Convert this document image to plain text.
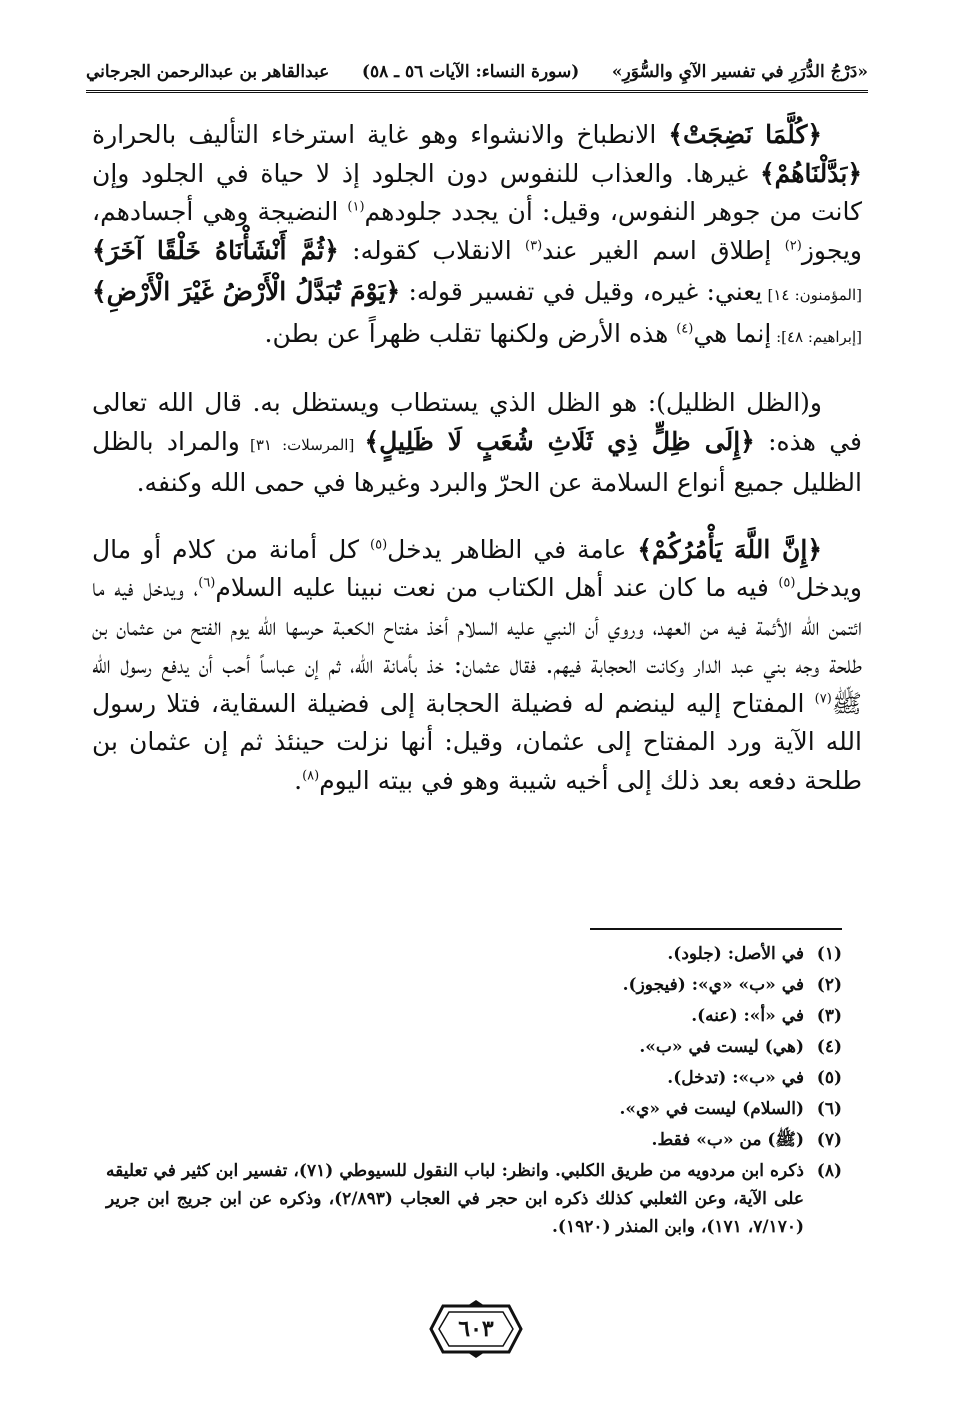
«دَرْجُ الدُّرَرِ في تفسير الآيِ والسُّوَرِ»
(سورة النساء: الآيات ٥٦ ـ ٥٨)
عبدالقاهر بن عبدالرحمن الجرجاني

﴿كُلَّمَا نَضِجَتْ﴾ الانطباخ والانشواء وهو غاية استرخاء التأليف بالحرارة ﴿بَدَّلْنَاهُمْ﴾ غيرها. والعذاب للنفوس دون الجلود إذ لا حياة في الجلود وإن كانت من جوهر النفوس، وقيل: أن يجدد جلودهم$^{(١)}$ النضيجة وهي أجسادهم، ويجوز$^{(٢)}$ إطلاق اسم الغير عند$^{(٣)}$ الانقلاب كقوله: ﴿ثُمَّ أَنْشَأْنَاهُ خَلْقًا آخَرَ﴾ [المؤمنون: ١٤] يعني: غيره، وقيل في تفسير قوله: ﴿يَوْمَ تُبَدَّلُ الْأَرْضُ غَيْرَ الْأَرْضِ﴾ [إبراهيم: ٤٨]: إنما هي$^{(٤)}$ هذه الأرض ولكنها تقلب ظهراً عن بطن.

و(الظل الظليل): هو الظل الذي يستطاب ويستظل به. قال الله تعالى في هذه: ﴿إِلَى ظِلٍّ ذِي ثَلَاثِ شُعَبٍ لَا ظَلِيلٍ﴾ [المرسلات: ٣١] والمراد بالظل الظليل جميع أنواع السلامة عن الحرّ والبرد وغيرها في حمى الله وكنفه.

﴿إِنَّ اللَّهَ يَأْمُرُكُمْ﴾ عامة في الظاهر يدخل$^{(٥)}$ كل أمانة من كلام أو مال ويدخل$^{(٥)}$ فيه ما كان عند أهل الكتاب من نعت نبينا عليه السلام$^{(٦)}$، ويدخل فيه ما ائتمن الله الأئمة فيه من العهد، وروي أن النبي عليه السلام أخذ مفتاح الكعبة حرسها الله يوم الفتح من عثمان بن طلحة وجه بني عبد الدار وكانت الحجابة فيهم. فقال عثمان: خذ بأمانة الله، ثم إن عباساً أحب أن يدفع رسول الله ﷺ$^{(٧)}$ المفتاح إليه لينضم له فضيلة الحجابة إلى فضيلة السقاية، فتلا رسول الله الآية ورد المفتاح إلى عثمان، وقيل: أنها نزلت حينئذ ثم إن عثمان بن طلحة دفعه بعد ذلك إلى أخيه شيبة وهو في بيته اليوم$^{(٨)}$.

(١)
في الأصل: (جلود).
(٢)
في «ب» «ي»: (فيجوز).
(٣)
في «أ»: (عنه).
(٤)
(هي) ليست في «ب».
(٥)
في «ب»: (تدخل).
(٦)
(السلام) ليست في «ي».
(٧)
(ﷺ) من «ب» فقط.
(٨)
ذكره ابن مردويه من طريق الكلبي. وانظر: لباب النقول للسيوطي (٧١)، تفسير ابن كثير في تعليقه على الآية، وعن الثعلبي كذلك ذكره ابن حجر في العجاب (٢/٨٩٣)، وذكره عن ابن جريج ابن جرير (٧/١٧٠، ١٧١)، وابن المنذر (١٩٢٠).
٦٠٣
